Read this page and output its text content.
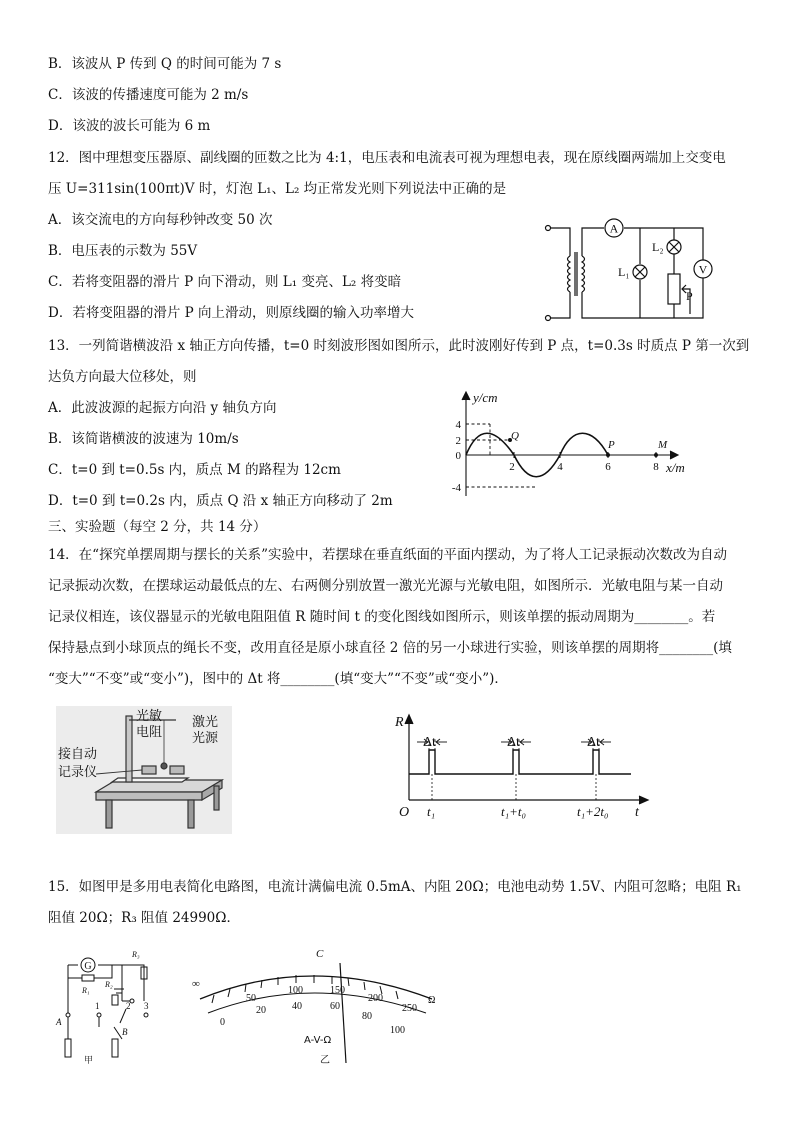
B．该波从 P 传到 Q 的时间可能为 7 s
C．该波的传播速度可能为 2 m/s
D．该波的波长可能为 6 m
12．图中理想变压器原、副线圈的匝数之比为 4:1，电压表和电流表可视为理想电表，现在原线圈两端加上交变电
压 U=311sin(100πt)V 时，灯泡 L₁、L₂ 均正常发光则下列说法中正确的是
A．该交流电的方向每秒钟改变 50 次
B．电压表的示数为 55V
C．若将变阻器的滑片 P 向下滑动，则 L₁ 变亮、L₂ 将变暗
D．若将变阻器的滑片 P 向上滑动，则原线圈的输入功率增大
A
V
L₁
L₂
P
13．一列简谐横波沿 x 轴正方向传播，t=0 时刻波形图如图所示，此时波刚好传到 P 点，t=0.3s 时质点 P 第一次到
达负方向最大位移处，则
A．此波波源的起振方向沿 y 轴负方向
B．该简谐横波的波速为 10m/s
C．t=0 到 t=0.5s 内，质点 M 的路程为 12cm
D．t=0 到 t=0.2s 内，质点 Q 沿 x 轴正方向移动了 2m
y/cm
x/m
4
2
0
-4
2	4	6	8
Q
P	M
三、实验题（每空 2 分，共 14 分）
14．在“探究单摆周期与摆长的关系”实验中，若摆球在垂直纸面的平面内摆动，为了将人工记录振动次数改为自动
记录振动次数，在摆球运动最低点的左、右两侧分别放置一激光光源与光敏电阻，如图所示．光敏电阻与某一自动
记录仪相连，该仪器显示的光敏电阻阻值 R 随时间 t 的变化图线如图所示，则该单摆的振动周期为________。若
保持悬点到小球顶点的绳长不变，改用直径是原小球直径 2 倍的另一小球进行实验，则该单摆的周期将________(填
“变大”“不变”或“变小”)，图中的 Δt 将________(填“变大”“不变”或“变小”)．
光敏
电阻
激光
光源
接自动
记录仪
R
t
O
Δt	Δt	Δt
t₁	t₁+t₀	t₁+2t₀
15．如图甲是多用电表简化电路图，电流计满偏电流 0.5mA、内阻 20Ω；电池电动势 1.5V、内阻可忽略；电阻 R₁
阻值 20Ω；R₃ 阻值 24990Ω．
G
R₁
R₂
R₃
1	2 3
A
B
甲
C
∞
50
100	150
200
250
Ω
0
20	40	60
80
100
A-V-Ω
乙
